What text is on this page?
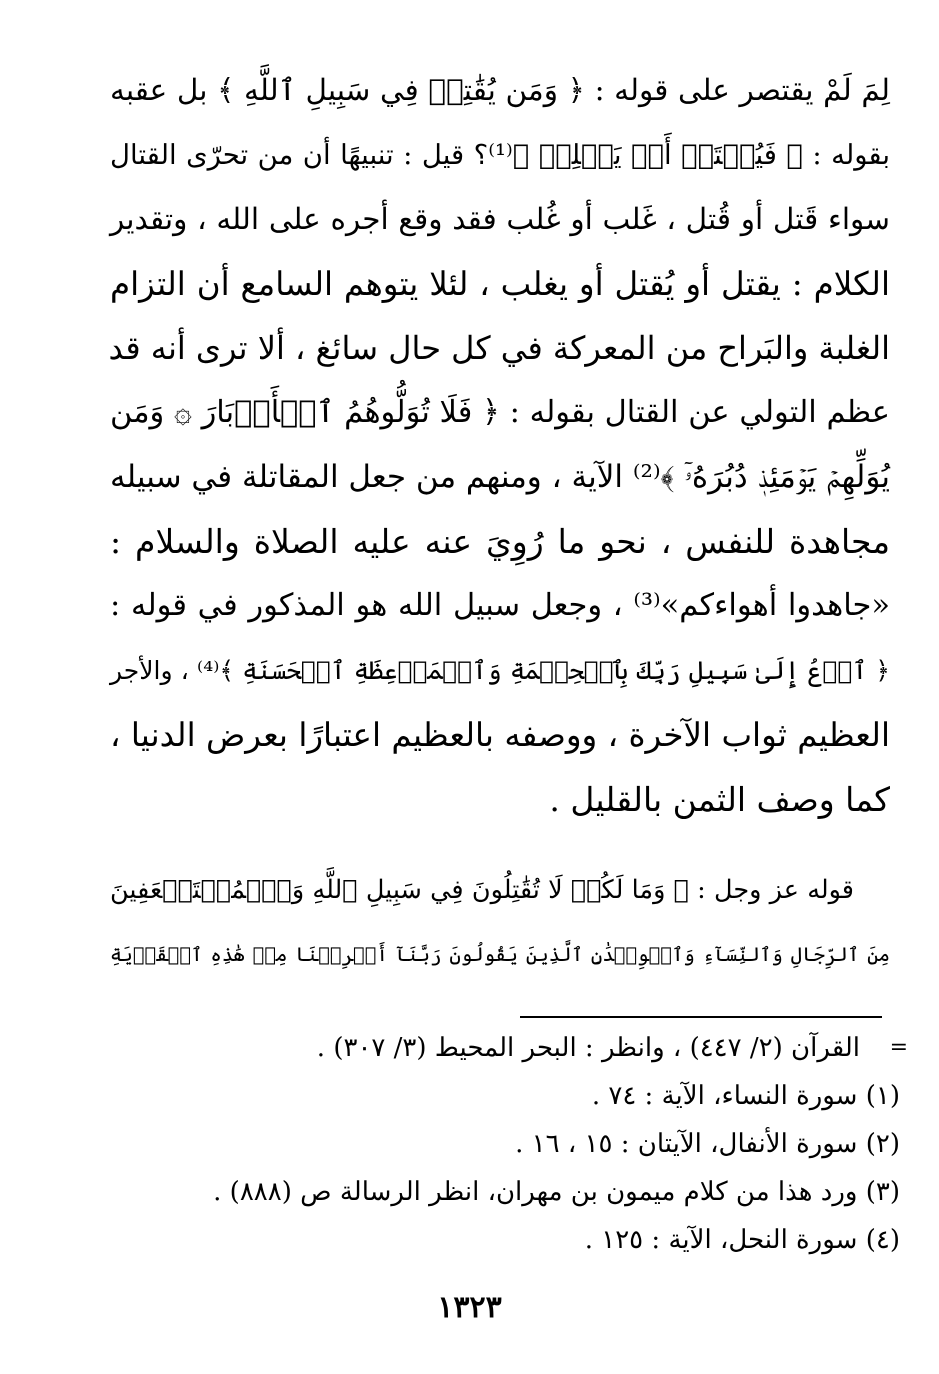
لِمَ لَمْ يقتصر على قوله : ﴿ وَمَن يُقَٰتِلۡ فِي سَبِيلِ ٱللَّهِ ﴾ بل عقبه
بقوله : ﴿ فَيُقۡتَلۡ أَوۡ يَغۡلِبۡ ﴾⁽¹⁾؟ قيل : تنبيهًا أن من تحرّى القتال
سواء قَتل أو قُتل ، غَلب أو غُلب فقد وقع أجره على الله ، وتقدير
الكلام : يقتل أو يُقتل أو يغلب ، لئلا يتوهم السامع أن التزام
الغلبة والبَراح من المعركة في كل حال سائغ ، ألا ترى أنه قد
عظم التولي عن القتال بقوله : ﴿ فَلَا تُوَلُّوهُمُ ٱلۡأَدۡبَارَ ۞ وَمَن
يُوَلِّهِمۡ يَوۡمَئِذٖ دُبُرَهُۥٓ ﴾⁽²⁾ الآية ، ومنهم من جعل المقاتلة في سبيله
مجاهدة للنفس ، نحو ما رُوِيَ عنه عليه الصلاة والسلام :
«جاهدوا أهواءكم»⁽³⁾ ، وجعل سبيل الله هو المذكور في قوله :
﴿ ٱدۡعُ إِلَىٰ سَبِيلِ رَبِّكَ بِٱلۡحِكۡمَةِ وَٱلۡمَوۡعِظَةِ ٱلۡحَسَنَةِ ﴾⁽⁴⁾ ، والأجر
العظيم ثواب الآخرة ، ووصفه بالعظيم اعتبارًا بعرض الدنيا ،
كما وصف الثمن بالقليل .
قوله عز وجل : ﴿ وَمَا لَكُمۡ لَا تُقَٰتِلُونَ فِي سَبِيلِ ٱللَّهِ وَٱلۡمُسۡتَضۡعَفِينَ
مِنَ ٱلرِّجَالِ وَٱلنِّسَآءِ وَٱلۡوِلۡدَٰنِ ٱلَّذِينَ يَقُولُونَ رَبَّنَآ أَخۡرِجۡنَا مِنۡ هَٰذِهِ ٱلۡقَرۡيَةِ
=
القرآن (٢/ ٤٤٧) ، وانظر : البحر المحيط (٣/ ٣٠٧) .
(١) سورة النساء، الآية : ٧٤ .
(٢) سورة الأنفال، الآيتان : ١٥ ، ١٦ .
(٣) ورد هذا من كلام ميمون بن مهران، انظر الرسالة ص (٨٨٨) .
(٤) سورة النحل، الآية : ١٢٥ .
١٣٢٣
